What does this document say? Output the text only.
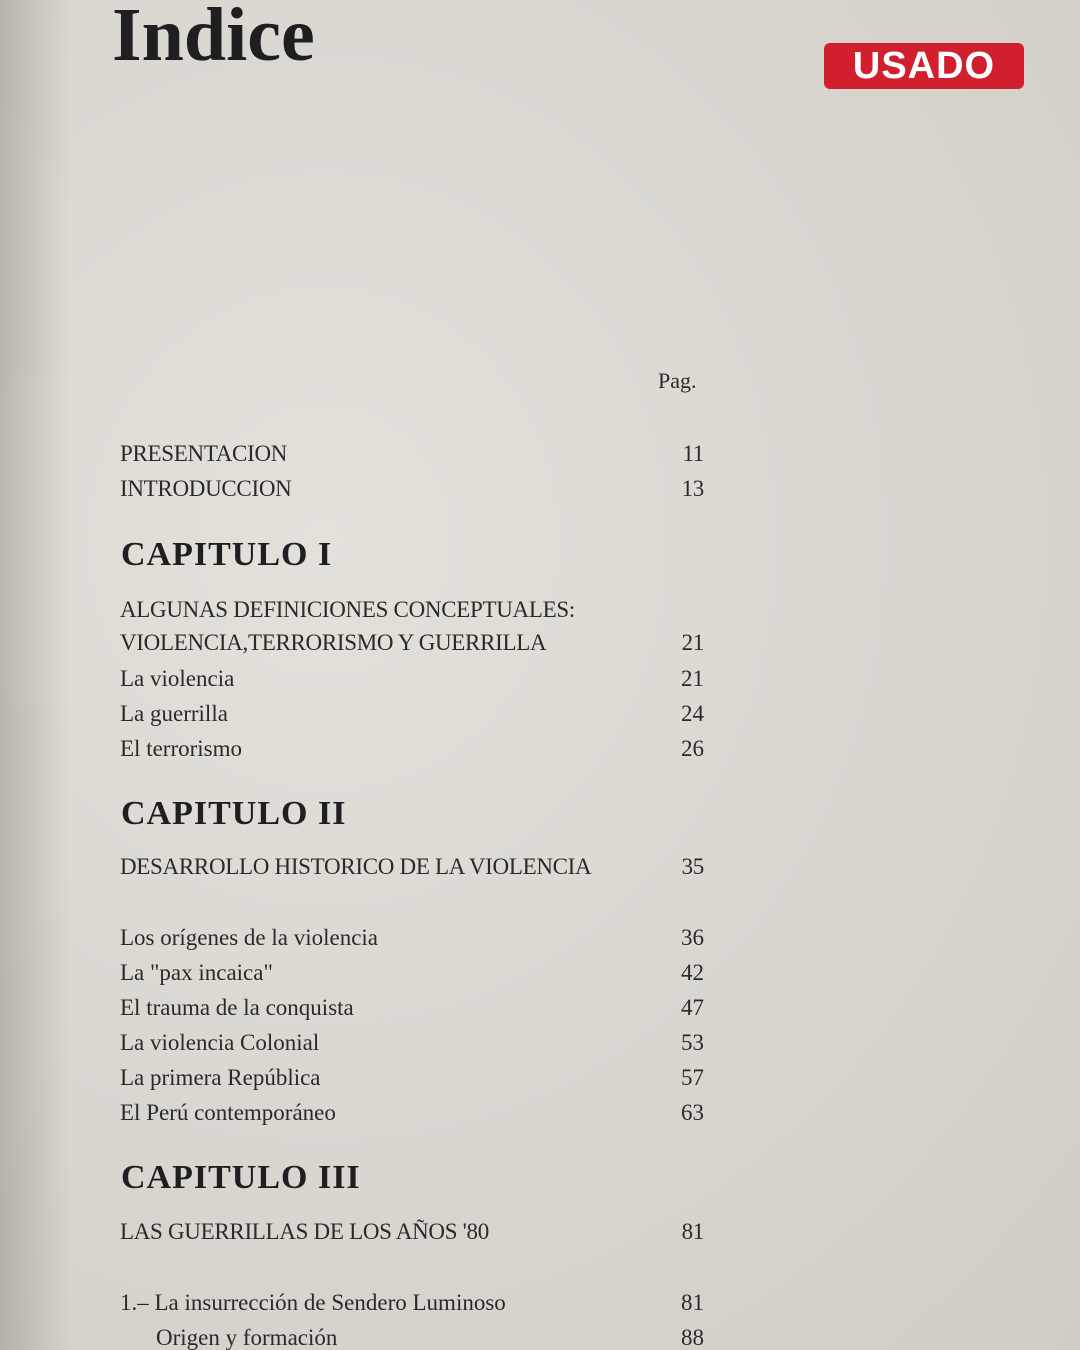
Indice	USADO
Pag.
PRESENTACION	11
INTRODUCCION	13
CAPITULO I
ALGUNAS DEFINICIONES CONCEPTUALES:
VIOLENCIA,TERRORISMO Y GUERRILLA	21
La violencia	21
La guerrilla	24
El terrorismo	26
CAPITULO II
DESARROLLO HISTORICO DE LA VIOLENCIA	35
Los orígenes de la violencia	36
La "pax incaica"	42
El trauma de la conquista	47
La violencia Colonial	53
La primera República	57
El Perú contemporáneo	63
CAPITULO III
LAS GUERRILLAS DE LOS AÑOS '80	81
1.– La insurrección de Sendero Luminoso	81
Origen y formación	88
